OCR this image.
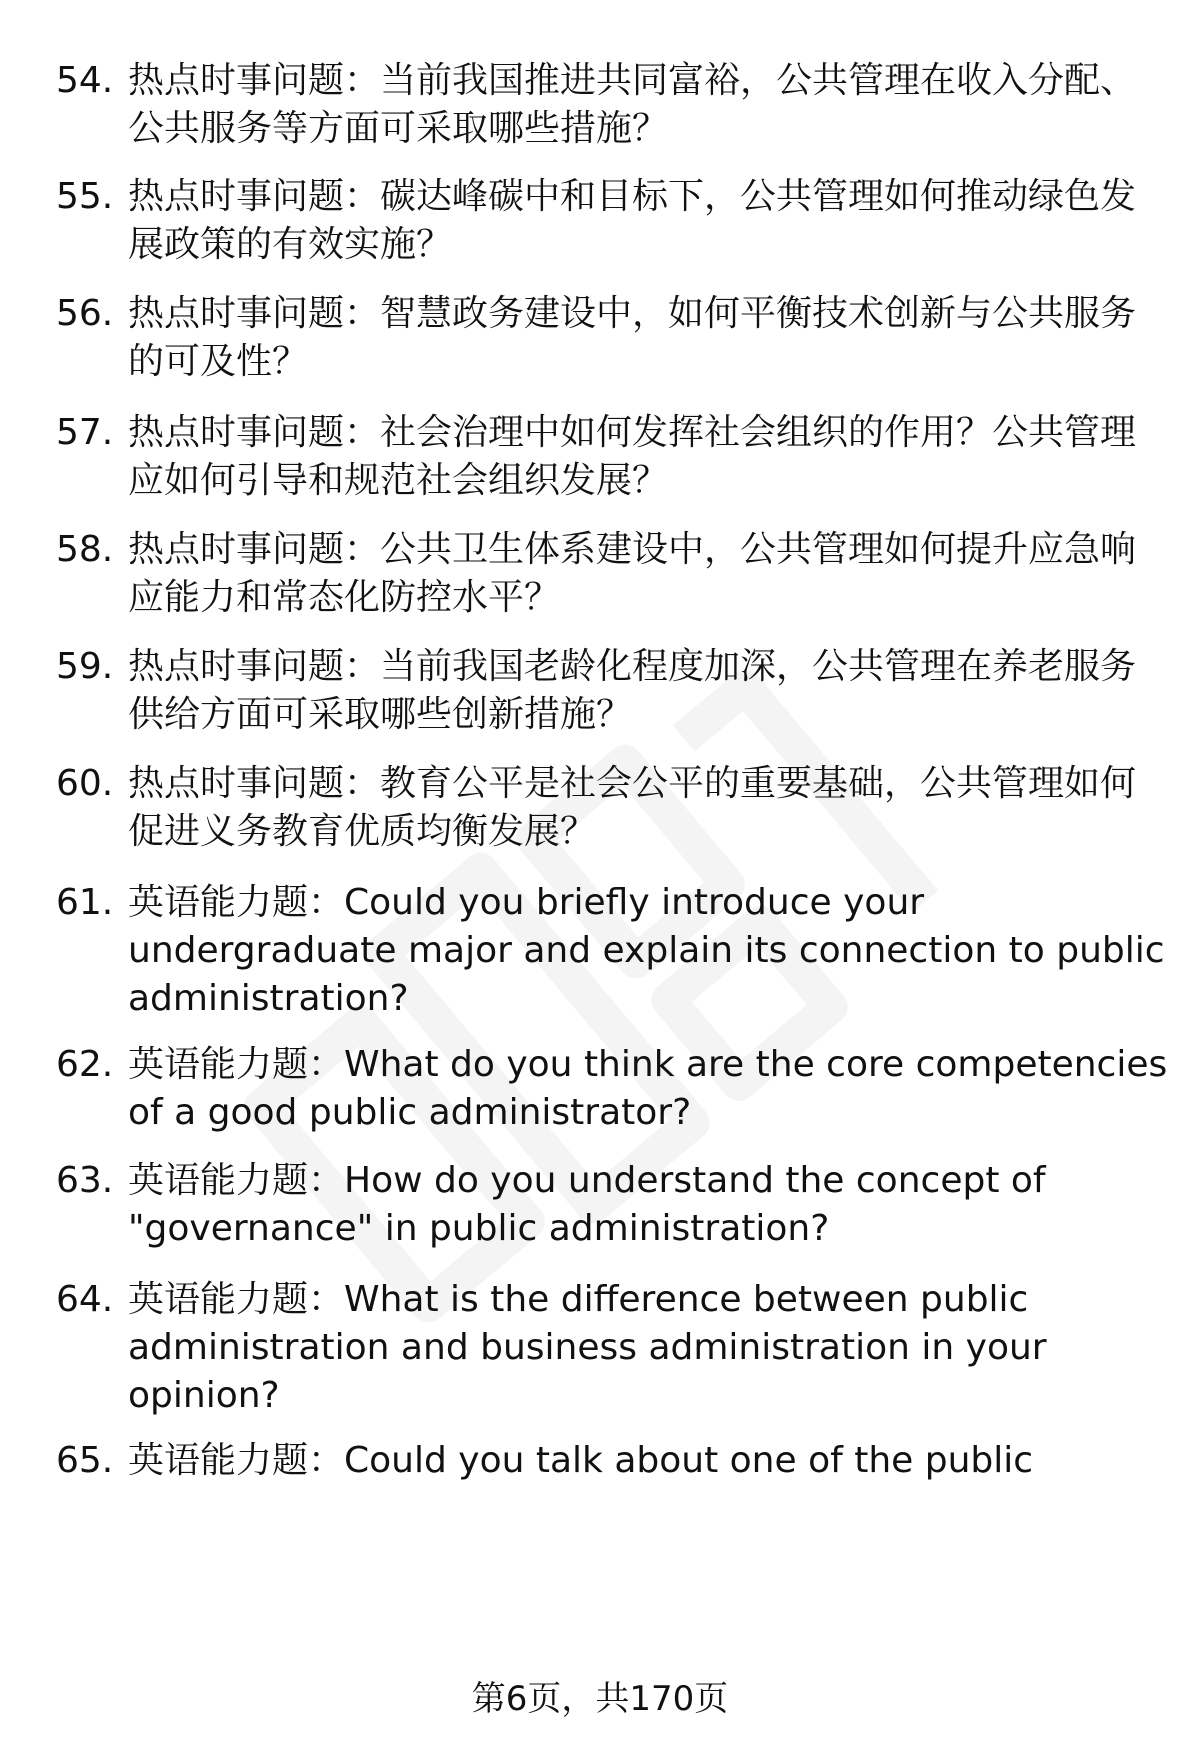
54. 热点时事问题：当前我国推进共同富裕，公共管理在收入分配、
公共服务等方面可采取哪些措施？
55. 热点时事问题：碳达峰碳中和目标下，公共管理如何推动绿色发
展政策的有效实施？
56. 热点时事问题：智慧政务建设中，如何平衡技术创新与公共服务
的可及性？
57. 热点时事问题：社会治理中如何发挥社会组织的作用？公共管理
应如何引导和规范社会组织发展？
58. 热点时事问题：公共卫生体系建设中，公共管理如何提升应急响
应能力和常态化防控水平？
59. 热点时事问题：当前我国老龄化程度加深，公共管理在养老服务
供给方面可采取哪些创新措施？
60. 热点时事问题：教育公平是社会公平的重要基础，公共管理如何
促进义务教育优质均衡发展？
61. 英语能力题：Could you briefly introduce your
undergraduate major and explain its connection to public
administration?
62. 英语能力题：What do you think are the core competencies
of a good public administrator?
63. 英语能力题：How do you understand the concept of
"governance" in public administration?
64. 英语能力题：What is the difference between public
administration and business administration in your
opinion?
65. 英语能力题：Could you talk about one of the public
第6页，共170页
